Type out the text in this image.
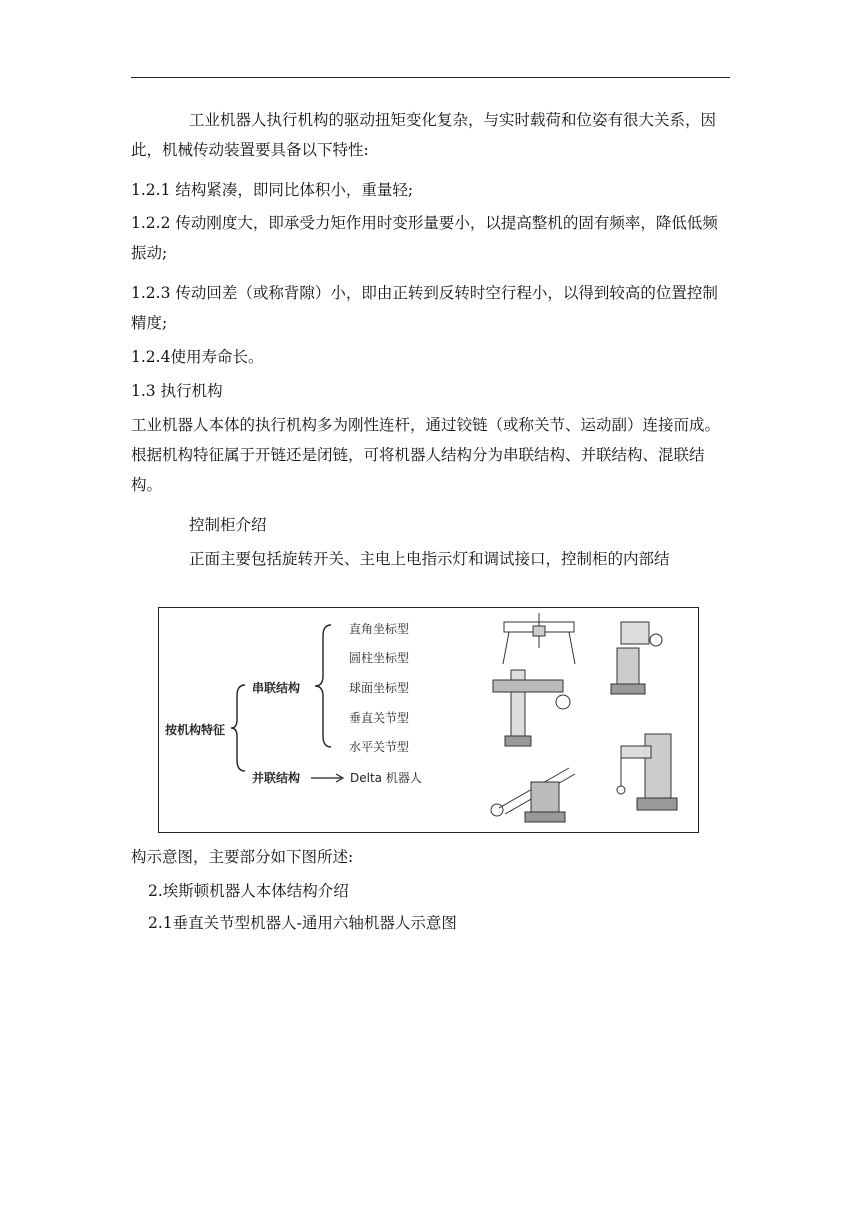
工业机器人执行机构的驱动扭矩变化复杂，与实时载荷和位姿有很大关系，因此，机械传动装置要具备以下特性:

1.2.1 结构紧凑，即同比体积小，重量轻;

1.2.2 传动刚度大，即承受力矩作用时变形量要小，以提高整机的固有频率，降低低频振动;

1.2.3 传动回差（或称背隙）小，即由正转到反转时空行程小，以得到较高的位置控制精度;

1.2.4使用寿命长。

1.3 执行机构

工业机器人本体的执行机构多为刚性连杆，通过铰链（或称关节、运动副）连接而成。根据机构特征属于开链还是闭链，可将机器人结构分为串联结构、并联结构、混联结构。

控制柜介绍

正面主要包括旋转开关、主电上电指示灯和调试接口，控制柜的内部结

按机构特征
串联结构
并联结构
直角坐标型
圆柱坐标型
球面坐标型
垂直关节型
水平关节型
Delta 机器人

构示意图，主要部分如下图所述:

2.埃斯顿机器人本体结构介绍

2.1垂直关节型机器人-通用六轴机器人示意图
